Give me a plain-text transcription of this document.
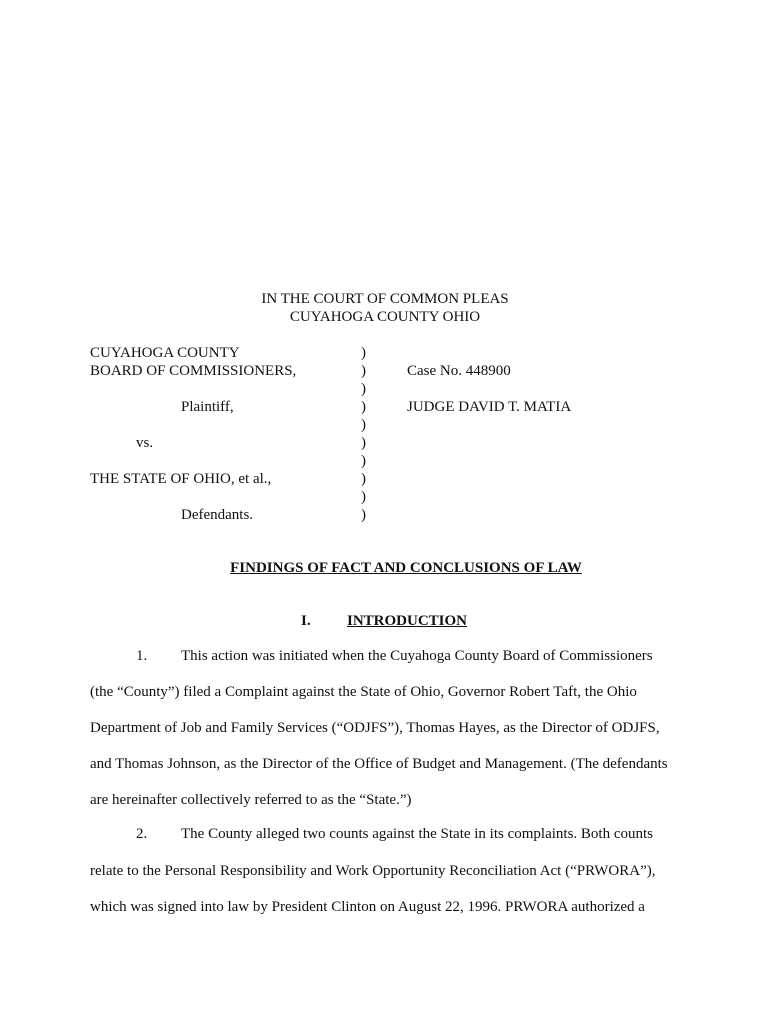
IN THE COURT OF COMMON PLEAS
CUYAHOGA COUNTY OHIO
CUYAHOGA COUNTY
BOARD OF COMMISSIONERS,
Plaintiff,
vs.
THE STATE OF OHIO, et al.,
Defendants.
)
)
)
)
)
)
)
)
)
)
Case No. 448900
JUDGE DAVID T. MATIA
FINDINGS OF FACT AND CONCLUSIONS OF LAW
I. INTRODUCTION
1. This action was initiated when the Cuyahoga County Board of Commissioners
(the “County”) filed a Complaint against the State of Ohio, Governor Robert Taft, the Ohio
Department of Job and Family Services (“ODJFS”), Thomas Hayes, as the Director of ODJFS,
and Thomas Johnson, as the Director of the Office of Budget and Management. (The defendants
are hereinafter collectively referred to as the “State.”)
2. The County alleged two counts against the State in its complaints. Both counts
relate to the Personal Responsibility and Work Opportunity Reconciliation Act (“PRWORA”),
which was signed into law by President Clinton on August 22, 1996. PRWORA authorized a
